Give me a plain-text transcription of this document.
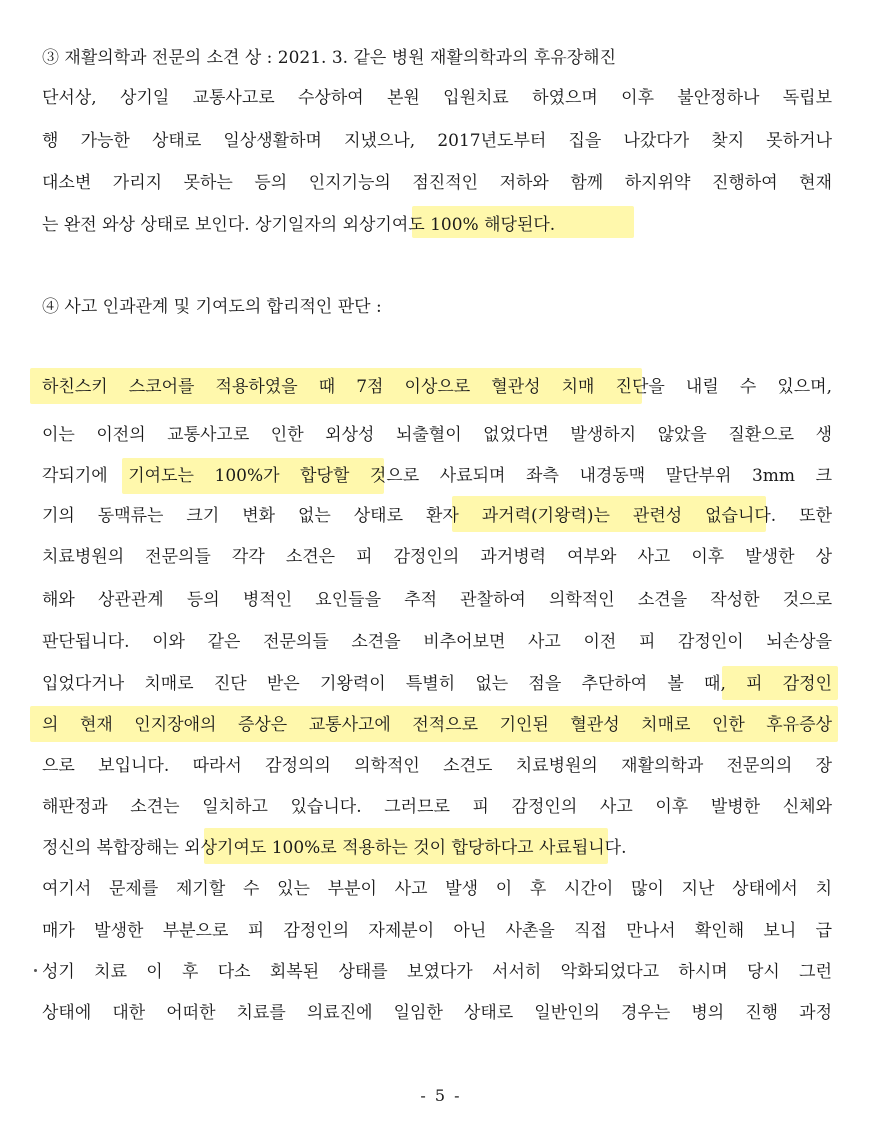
③ 재활의학과 전문의 소견 상 : 2021. 3. 같은 병원 재활의학과의 후유장해진
단서상, 상기일 교통사고로 수상하여 본원 입원치료 하였으며 이후 불안정하나 독립보
행 가능한 상태로 일상생활하며 지냈으나, 2017년도부터 집을 나갔다가 찾지 못하거나
대소변 가리지 못하는 등의 인지기능의 점진적인 저하와 함께 하지위약 진행하여 현재
는 완전 와상 상태로 보인다. 상기일자의 외상기여도 100% 해당된다.
④ 사고 인과관계 및 기여도의 합리적인 판단 :
하친스키 스코어를 적용하였을 때 7점 이상으로 혈관성 치매 진단을 내릴 수 있으며,
이는 이전의 교통사고로 인한 외상성 뇌출혈이 없었다면 발생하지 않았을 질환으로 생
각되기에 기여도는 100%가 합당할 것으로 사료되며 좌측 내경동맥 말단부위 3mm 크
기의 동맥류는 크기 변화 없는 상태로 환자 과거력(기왕력)는 관련성 없습니다. 또한
치료병원의 전문의들 각각 소견은 피 감정인의 과거병력 여부와 사고 이후 발생한 상
해와 상관관계 등의 병적인 요인들을 추적 관찰하여 의학적인 소견을 작성한 것으로
판단됩니다. 이와 같은 전문의들 소견을 비추어보면 사고 이전 피 감정인이 뇌손상을
입었다거나 치매로 진단 받은 기왕력이 특별히 없는 점을 추단하여 볼 때, 피 감정인
의 현재 인지장애의 증상은 교통사고에 전적으로 기인된 혈관성 치매로 인한 후유증상
으로 보입니다. 따라서 감정의의 의학적인 소견도 치료병원의 재활의학과 전문의의 장
해판정과 소견는 일치하고 있습니다. 그러므로 피 감정인의 사고 이후 발병한 신체와
정신의 복합장해는 외상기여도 100%로 적용하는 것이 합당하다고 사료됩니다.
여기서 문제를 제기할 수 있는 부분이 사고 발생 이 후 시간이 많이 지난 상태에서 치
매가 발생한 부분으로 피 감정인의 자제분이 아닌 사촌을 직접 만나서 확인해 보니 급
성기 치료 이 후 다소 회복된 상태를 보였다가 서서히 악화되었다고 하시며 당시 그런
상태에 대한 어떠한 치료를 의료진에 일임한 상태로 일반인의 경우는 병의 진행 과정
- 5 -
